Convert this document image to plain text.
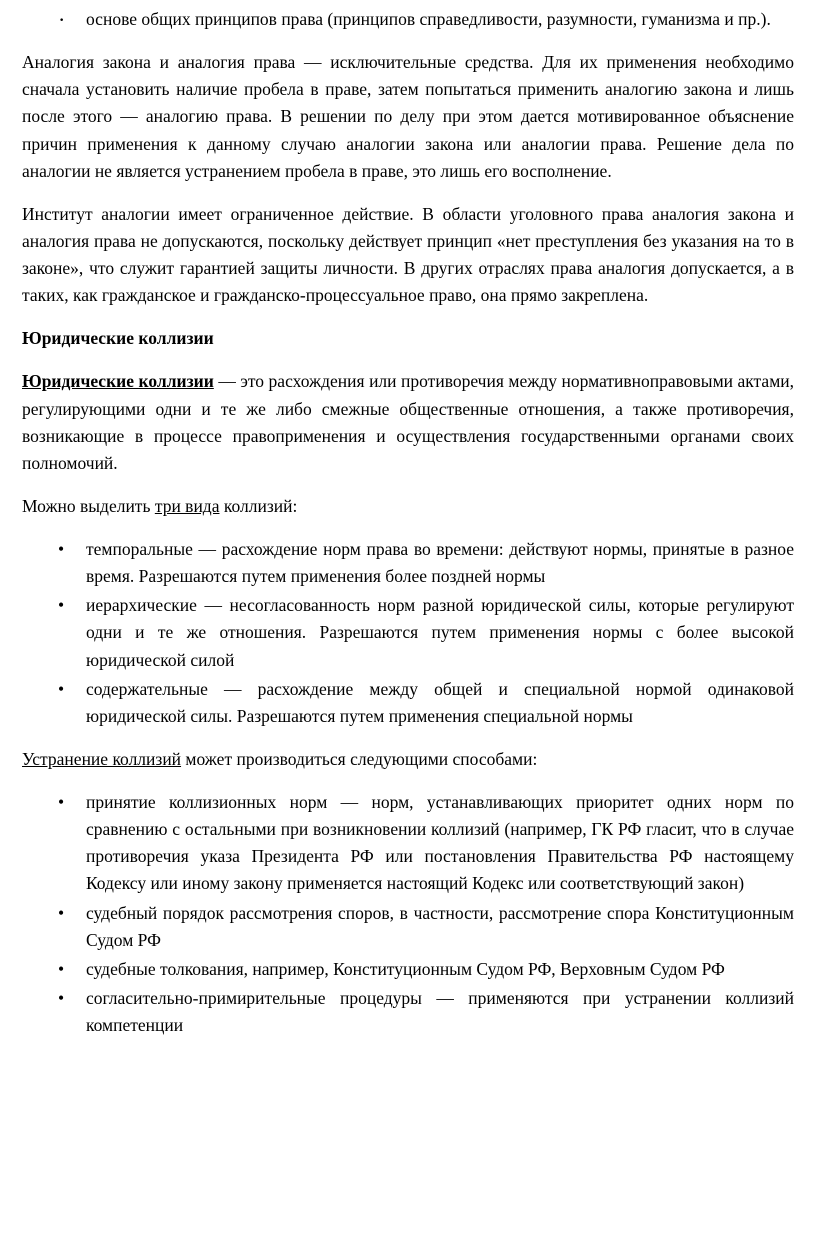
· основе общих принципов права (принципов справедливости, разумности, гуманизма и пр.).

Аналогия закона и аналогия права — исключительные средства. Для их применения необходимо сначала установить наличие пробела в праве, затем попытаться применить аналогию закона и лишь после этого — аналогию права. В решении по делу при этом дается мотивированное объяснение причин применения к данному случаю аналогии закона или аналогии права. Решение дела по аналогии не является устранением пробела в праве, это лишь его восполнение.

Институт аналогии имеет ограниченное действие. В области уголовного права аналогия закона и аналогия права не допускаются, поскольку действует принцип «нет преступления без указания на то в законе», что служит гарантией защиты личности. В других отраслях права аналогия допускается, а в таких, как гражданское и гражданско-процессуальное право, она прямо закреплена.

Юридические коллизии

Юридические коллизии — это расхождения или противоречия между нормативноправовыми актами, регулирующими одни и те же либо смежные общественные отношения, а также противоречия, возникающие в процессе правоприменения и осуществления государственными органами своих полномочий.

Можно выделить три вида коллизий:

• темпоральные — расхождение норм права во времени: действуют нормы, принятые в разное время. Разрешаются путем применения более поздней нормы
• иерархические — несогласованность норм разной юридической силы, которые регулируют одни и те же отношения. Разрешаются путем применения нормы с более высокой юридической силой
• содержательные — расхождение между общей и специальной нормой одинаковой юридической силы. Разрешаются путем применения специальной нормы

Устранение коллизий может производиться следующими способами:

• принятие коллизионных норм — норм, устанавливающих приоритет одних норм по сравнению с остальными при возникновении коллизий (например, ГК РФ гласит, что в случае противоречия указа Президента РФ или постановления Правительства РФ настоящему Кодексу или иному закону применяется настоящий Кодекс или соответствующий закон)
• судебный порядок рассмотрения споров, в частности, рассмотрение спора Конституционным Судом РФ
• судебные толкования, например, Конституционным Судом РФ, Верховным Судом РФ
• согласительно-примирительные процедуры — применяются при устранении коллизий компетенции
